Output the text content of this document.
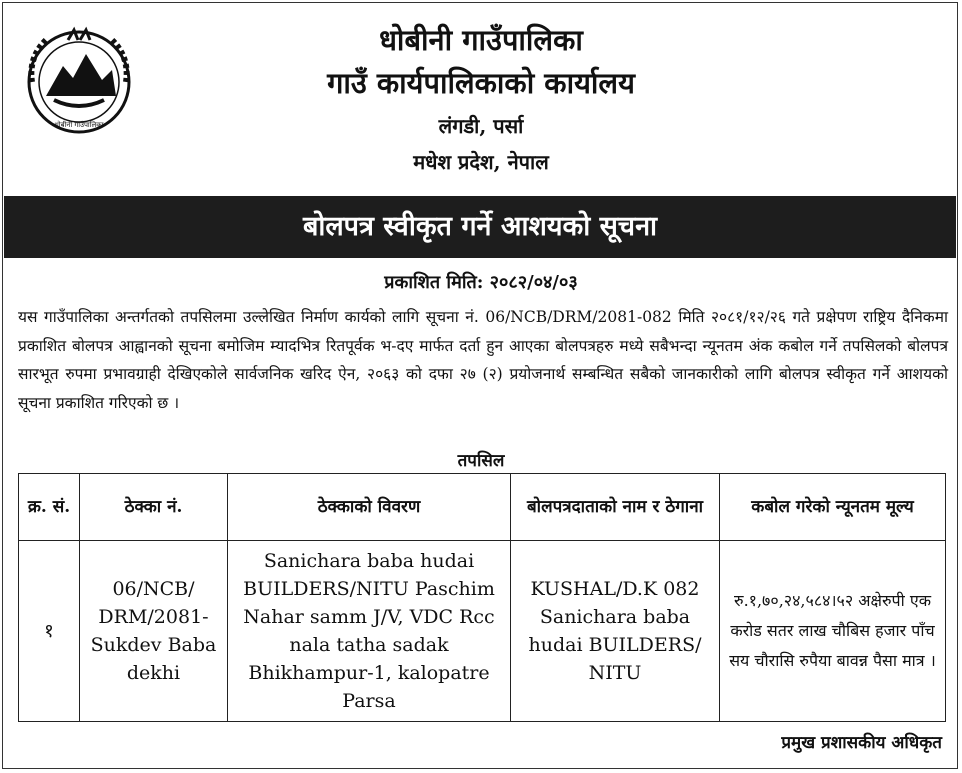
धोबीनी गाउँपालिका
धोबीनी गाउँपालिका
गाउँ कार्यपालिकाको कार्यालय
लंगडी, पर्सा
मधेश प्रदेश, नेपाल
बोलपत्र स्वीकृत गर्ने आशयको सूचना
प्रकाशित मिति: २०८२/०४/०३
यस गाउँपालिका अन्तर्गतको तपसिलमा उल्लेखित निर्माण कार्यको लागि सूचना नं. 06/NCB/DRM/2081-082 मिति २०८१/१२/२६ गते प्रक्षेपण राष्ट्रिय दैनिकमा प्रकाशित बोलपत्र आह्वानको सूचना बमोजिम म्यादभित्र रितपूर्वक भ-दए मार्फत दर्ता हुन आएका बोलपत्रहरु मध्ये सबैभन्दा न्यूनतम अंक कबोल गर्ने तपसिलको बोलपत्र सारभूत रुपमा प्रभावग्राही देखिएकोले सार्वजनिक खरिद ऐन, २०६३ को दफा २७ (२) प्रयोजनार्थ सम्बन्धित सबैको जानकारीको लागि बोलपत्र स्वीकृत गर्ने आशयको सूचना प्रकाशित गरिएको छ ।
तपसिल
क्र. सं.	ठेक्का नं.	ठेक्काको विवरण	बोलपत्रदाताको नाम र ठेगाना	कबोल गरेको न्यूनतम मूल्य
१	06/NCB/ DRM/2081- Sukdev Baba dekhi	Sanichara baba hudai BUILDERS/NITU Paschim Nahar samm J/V, VDC Rcc nala tatha sadak Bhikhampur-1, kalopatre Parsa	KUSHAL/D.K 082 Sanichara baba hudai BUILDERS/ NITU	रु.१,७०,२४,५८४।५२ अक्षेरुपी एक करोड सतर लाख चौबिस हजार पाँच सय चौरासि रुपैया बावन्न पैसा मात्र ।
प्रमुख प्रशासकीय अधिकृत
